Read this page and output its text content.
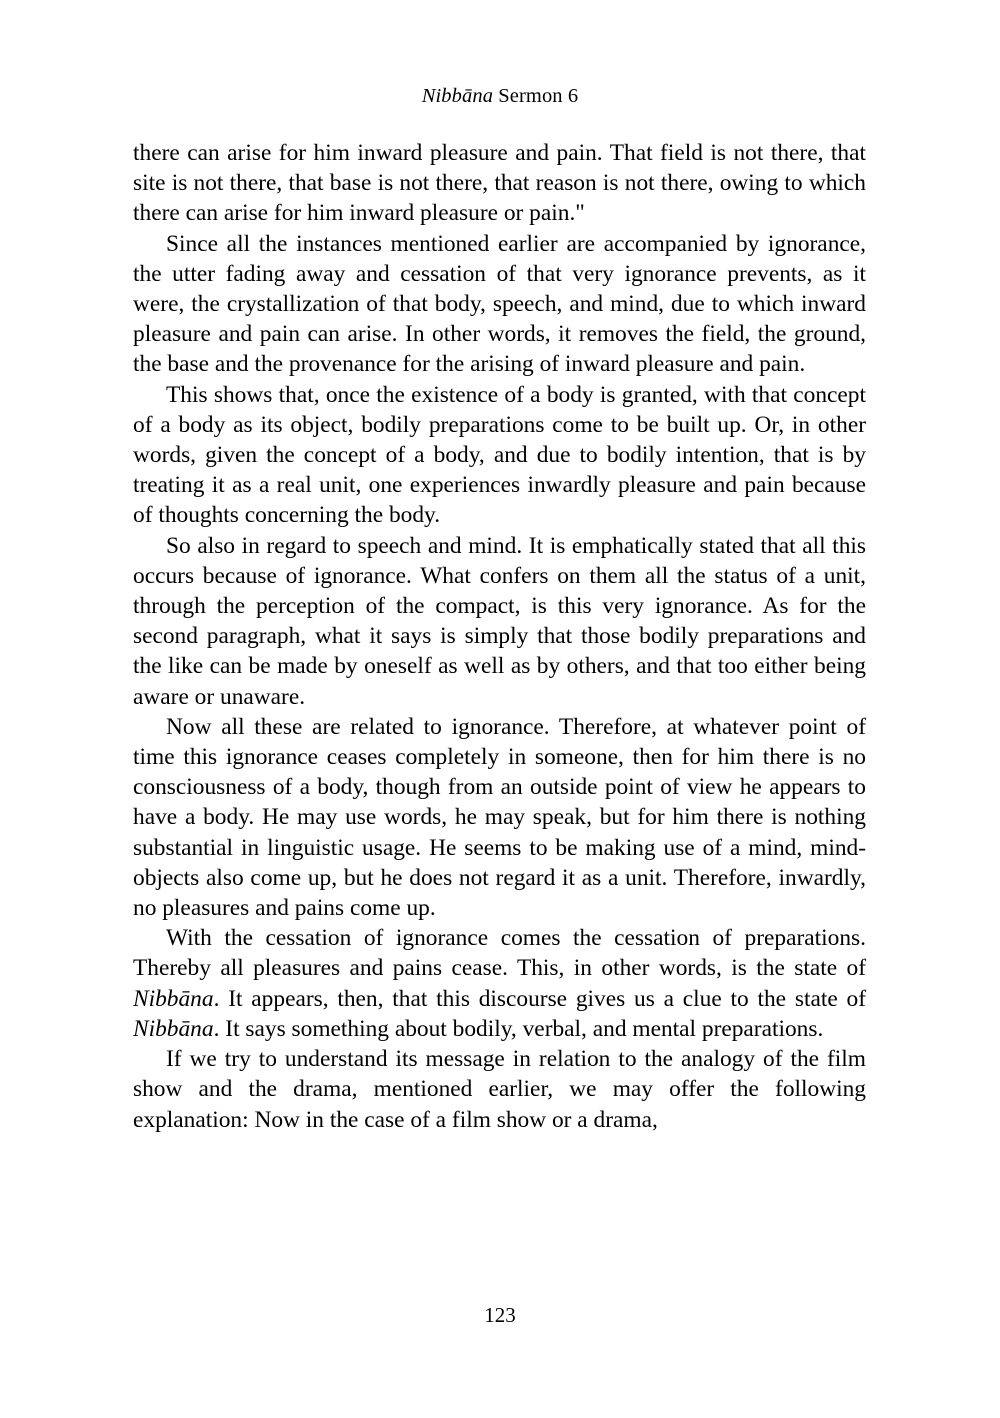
Nibbāna Sermon 6

there can arise for him inward pleasure and pain. That field is not there, that site is not there, that base is not there, that reason is not there, owing to which there can arise for him inward pleasure or pain."

Since all the instances mentioned earlier are accompanied by ignorance, the utter fading away and cessation of that very ignorance prevents, as it were, the crystallization of that body, speech, and mind, due to which inward pleasure and pain can arise. In other words, it removes the field, the ground, the base and the provenance for the arising of inward pleasure and pain.

This shows that, once the existence of a body is granted, with that concept of a body as its object, bodily preparations come to be built up. Or, in other words, given the concept of a body, and due to bodily intention, that is by treating it as a real unit, one experiences inwardly pleasure and pain because of thoughts concerning the body.

So also in regard to speech and mind. It is emphatically stated that all this occurs because of ignorance. What confers on them all the status of a unit, through the perception of the compact, is this very ignorance. As for the second paragraph, what it says is simply that those bodily preparations and the like can be made by oneself as well as by others, and that too either being aware or unaware.

Now all these are related to ignorance. Therefore, at whatever point of time this ignorance ceases completely in someone, then for him there is no consciousness of a body, though from an outside point of view he appears to have a body. He may use words, he may speak, but for him there is nothing substantial in linguistic usage. He seems to be making use of a mind, mind-objects also come up, but he does not regard it as a unit. Therefore, inwardly, no pleasures and pains come up.

With the cessation of ignorance comes the cessation of preparations. Thereby all pleasures and pains cease. This, in other words, is the state of Nibbāna. It appears, then, that this discourse gives us a clue to the state of Nibbāna. It says something about bodily, verbal, and mental preparations.

If we try to understand its message in relation to the analogy of the film show and the drama, mentioned earlier, we may offer the following explanation: Now in the case of a film show or a drama,

123
